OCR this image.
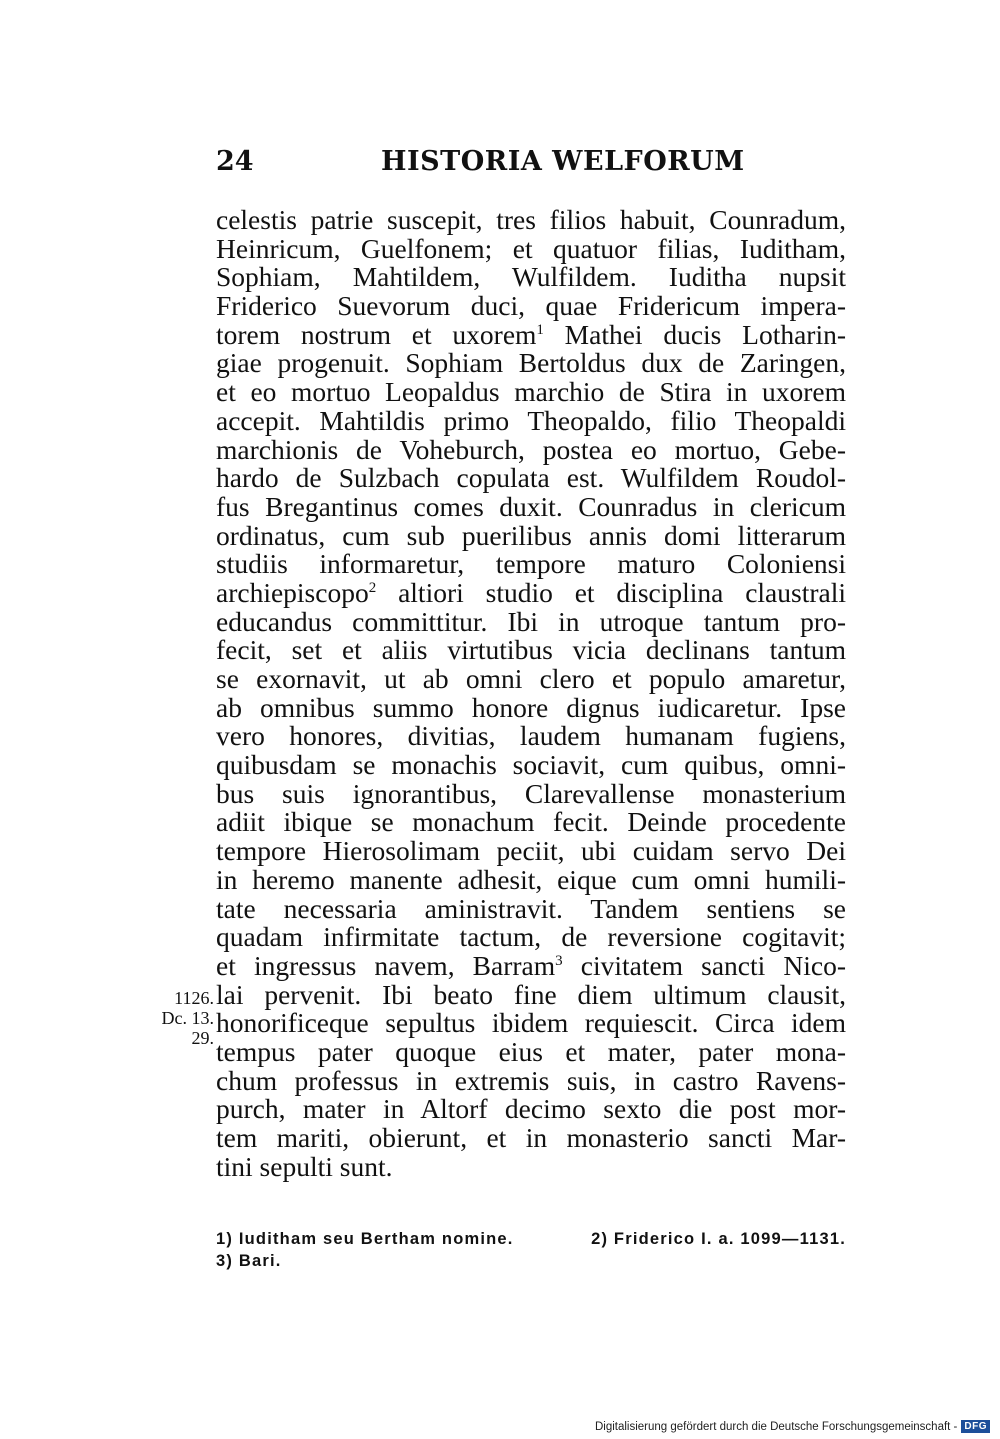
24	HISTORIA WELFORUM
celestis patrie suscepit, tres filios habuit, Counradum,
Heinricum, Guelfonem; et quatuor filias, Iuditham,
Sophiam, Mahtildem, Wulfildem. Iuditha nupsit
Friderico Suevorum duci, quae Fridericum impera-
torem nostrum et uxorem$^1$ Mathei ducis Lotharin-
giae progenuit. Sophiam Bertoldus dux de Zaringen,
et eo mortuo Leopaldus marchio de Stira in uxorem
accepit. Mahtildis primo Theopaldo, filio Theopaldi
marchionis de Voheburch, postea eo mortuo, Gebe-
hardo de Sulzbach copulata est. Wulfildem Roudol-
fus Bregantinus comes duxit. Counradus in clericum
ordinatus, cum sub puerilibus annis domi litterarum
studiis informaretur, tempore maturo Coloniensi
archiepiscopo$^2$ altiori studio et disciplina claustrali
educandus committitur. Ibi in utroque tantum pro-
fecit, set et aliis virtutibus vicia declinans tantum
se exornavit, ut ab omni clero et populo amaretur,
ab omnibus summo honore dignus iudicaretur. Ipse
vero honores, divitias, laudem humanam fugiens,
quibusdam se monachis sociavit, cum quibus, omni-
bus suis ignorantibus, Clarevallense monasterium
adiit ibique se monachum fecit. Deinde procedente
tempore Hierosolimam peciit, ubi cuidam servo Dei
in heremo manente adhesit, eique cum omni humili-
tate necessaria aministravit. Tandem sentiens se
quadam infirmitate tactum, de reversione cogitavit;
et ingressus navem, Barram$^3$ civitatem sancti Nico-
lai pervenit. Ibi beato fine diem ultimum clausit,
honorificeque sepultus ibidem requiescit. Circa idem
tempus pater quoque eius et mater, pater mona-
chum professus in extremis suis, in castro Ravens-
purch, mater in Altorf decimo sexto die post mor-
tem mariti, obierunt, et in monasterio sancti Mar-
tini sepulti sunt.
1126.
Dc. 13.
29.
1) Iuditham seu Bertham nomine.	2) Friderico I. a. 1099—1131.
3) Bari.
Digitalisierung gefördert durch die Deutsche Forschungsgemeinschaft - DFG
